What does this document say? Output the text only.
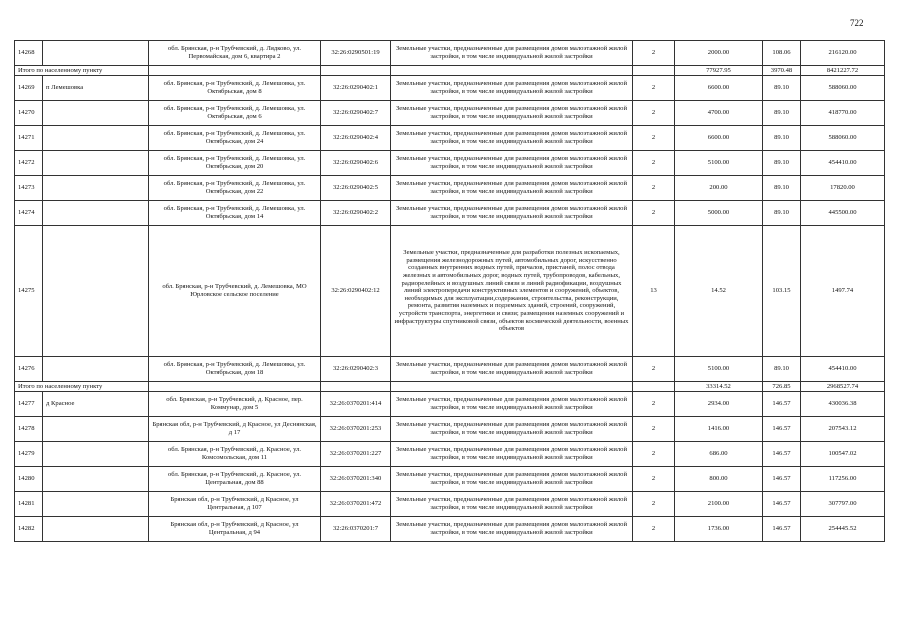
722
14268		обл. Брянская, р-н Трубчевский, д. Лядково, ул. Первомайская, дом 6, квартира 2	32:26:0290501:19	Земельные участки, предназначенные для размещения домов малоэтажной жилой застройки, в том числе индивидуальной жилой застройки	2	2000.00	108.06	216120.00
Итого по населенному пункту						77927.95	3970.48	8421227.72
14269	п Лемешовка	обл. Брянская, р-н Трубчевский, д. Лемешовка, ул. Октябрьская, дом 8	32:26:0290402:1	Земельные участки, предназначенные для размещения домов малоэтажной жилой застройки, в том числе индивидуальной жилой застройки	2	6600.00	89.10	588060.00
14270		обл. Брянская, р-н Трубчевский, д. Лемешовка, ул. Октябрьская, дом 6	32:26:0290402:7	Земельные участки, предназначенные для размещения домов малоэтажной жилой застройки, в том числе индивидуальной жилой застройки	2	4700.00	89.10	418770.00
14271		обл. Брянская, р-н Трубчевский, д. Лемешовка, ул. Октябрьская, дом 24	32:26:0290402:4	Земельные участки, предназначенные для размещения домов малоэтажной жилой застройки, в том числе индивидуальной жилой застройки	2	6600.00	89.10	588060.00
14272		обл. Брянская, р-н Трубчевский, д. Лемешовка, ул. Октябрьская, дом 20	32:26:0290402:6	Земельные участки, предназначенные для размещения домов малоэтажной жилой застройки, в том числе индивидуальной жилой застройки	2	5100.00	89.10	454410.00
14273		обл. Брянская, р-н Трубчевский, д. Лемешовка, ул. Октябрьская, дом 22	32:26:0290402:5	Земельные участки, предназначенные для размещения домов малоэтажной жилой застройки, в том числе индивидуальной жилой застройки	2	200.00	89.10	17820.00
14274		обл. Брянская, р-н Трубчевский, д. Лемешовка, ул. Октябрьская, дом 14	32:26:0290402:2	Земельные участки, предназначенные для размещения домов малоэтажной жилой застройки, в том числе индивидуальной жилой застройки	2	5000.00	89.10	445500.00
14275		обл. Брянская, р-н Трубчевский, д. Лемешовка, МО Юрловское сельское поселение	32:26:0290402:12	Земельные участки, предназначенные для разработки полезных ископаемых, размещения железнодорожных путей, автомобильных дорог, искусственно созданных внутренних водных путей, причалов, пристаней, полос отвода железных и автомобильных дорог, водных путей, трубопроводов, кабельных, радиорелейных и воздушных линий связи и линий радиофикации, воздушных линий электропередачи конструктивных элементов и сооружений, объектов, необходимых для эксплуатации,содержания, строительства, реконструкции, ремонта, развития наземных и подземных зданий, строений, сооружений, устройств транспорта, энергетики и связи; размещения наземных сооружений и инфраструктуры спутниковой связи, объектов космической деятельности, военных объектов	13	14.52	103.15	1497.74
14276		обл. Брянская, р-н Трубчевский, д. Лемешовка, ул. Октябрьская, дом 18	32:26:0290402:3	Земельные участки, предназначенные для размещения домов малоэтажной жилой застройки, в том числе индивидуальной жилой застройки	2	5100.00	89.10	454410.00
Итого по населенному пункту						33314.52	726.85	2968527.74
14277	д Красное	обл. Брянская, р-н Трубчевский, д. Красное, пер. Коммунар, дом 5	32:26:0370201:414	Земельные участки, предназначенные для размещения домов малоэтажной жилой застройки, в том числе индивидуальной жилой застройки	2	2934.00	146.57	430036.38
14278		Брянская обл, р-н Трубчевский, д Красное, ул Деснянская, д 17	32:26:0370201:253	Земельные участки, предназначенные для размещения домов малоэтажной жилой застройки, в том числе индивидуальной жилой застройки	2	1416.00	146.57	207543.12
14279		обл. Брянская, р-н Трубчевский, д. Красное, ул. Комсомольская, дом 11	32:26:0370201:227	Земельные участки, предназначенные для размещения домов малоэтажной жилой застройки, в том числе индивидуальной жилой застройки	2	686.00	146.57	100547.02
14280		обл. Брянская, р-н Трубчевский, д. Красное, ул. Центральная, дом 88	32:26:0370201:340	Земельные участки, предназначенные для размещения домов малоэтажной жилой застройки, в том числе индивидуальной жилой застройки	2	800.00	146.57	117256.00
14281		Брянская обл, р-н Трубчевский, д Красное, ул Центральная, д 107	32:26:0370201:472	Земельные участки, предназначенные для размещения домов малоэтажной жилой застройки, в том числе индивидуальной жилой застройки	2	2100.00	146.57	307797.00
14282		Брянская обл, р-н Трубчевский, д Красное, ул Центральная, д 94	32:26:0370201:7	Земельные участки, предназначенные для размещения домов малоэтажной жилой застройки, в том числе индивидуальной жилой застройки	2	1736.00	146.57	254445.52
